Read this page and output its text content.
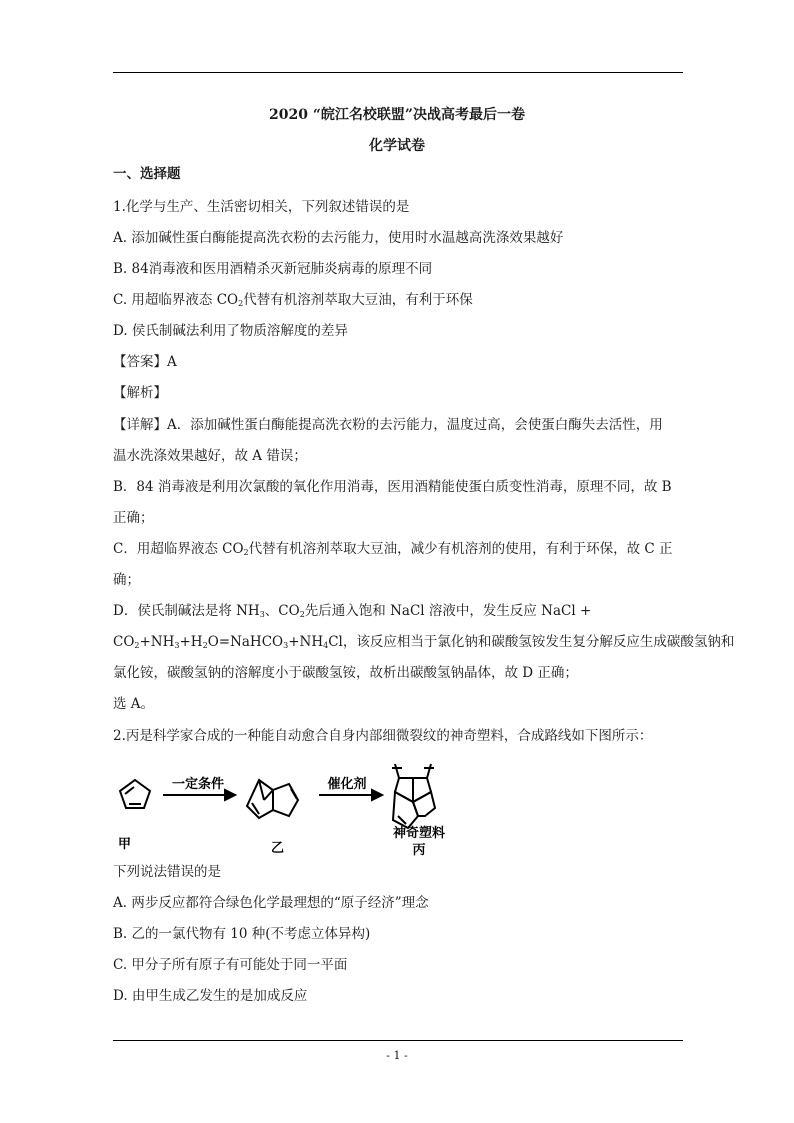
2020 “皖江名校联盟”决战高考最后一卷
化学试卷
一、选择题
1.化学与生产、生活密切相关，下列叙述错误的是
A. 添加碱性蛋白酶能提高洗衣粉的去污能力，使用时水温越高洗涤效果越好
B. 84消毒液和医用酒精杀灭新冠肺炎病毒的原理不同
C. 用超临界液态 $CO_2$代替有机溶剂萃取大豆油，有利于环保
D. 侯氏制碱法利用了物质溶解度的差异
【答案】A
【解析】
【详解】A．添加碱性蛋白酶能提高洗衣粉的去污能力，温度过高，会使蛋白酶失去活性，用
温水洗涤效果越好，故 A 错误；
B．84 消毒液是利用次氯酸的氧化作用消毒，医用酒精能使蛋白质变性消毒，原理不同，故 B
正确；
C．用超临界液态 $CO_2$代替有机溶剂萃取大豆油，减少有机溶剂的使用，有利于环保，故 C 正
确；
D．侯氏制碱法是将 $NH_3$、$CO_2$先后通入饱和 NaCl 溶液中，发生反应 NaCl +
$CO_2+NH_3+H_2O=NaHCO_3+NH_4Cl$，该反应相当于氯化钠和碳酸氢铵发生复分解反应生成碳酸氢钠和
氯化铵，碳酸氢钠的溶解度小于碳酸氢铵，故析出碳酸氢钠晶体，故 D 正确；
选 A。
2.丙是科学家合成的一种能自动愈合自身内部细微裂纹的神奇塑料，合成路线如下图所示：
甲
一定条件
乙
催化剂
神奇塑料
丙
下列说法错误的是
A. 两步反应都符合绿色化学最理想的“原子经济”理念
B. 乙的一氯代物有 10 种(不考虑立体异构)
C. 甲分子所有原子有可能处于同一平面
D. 由甲生成乙发生的是加成反应
- 1 -
